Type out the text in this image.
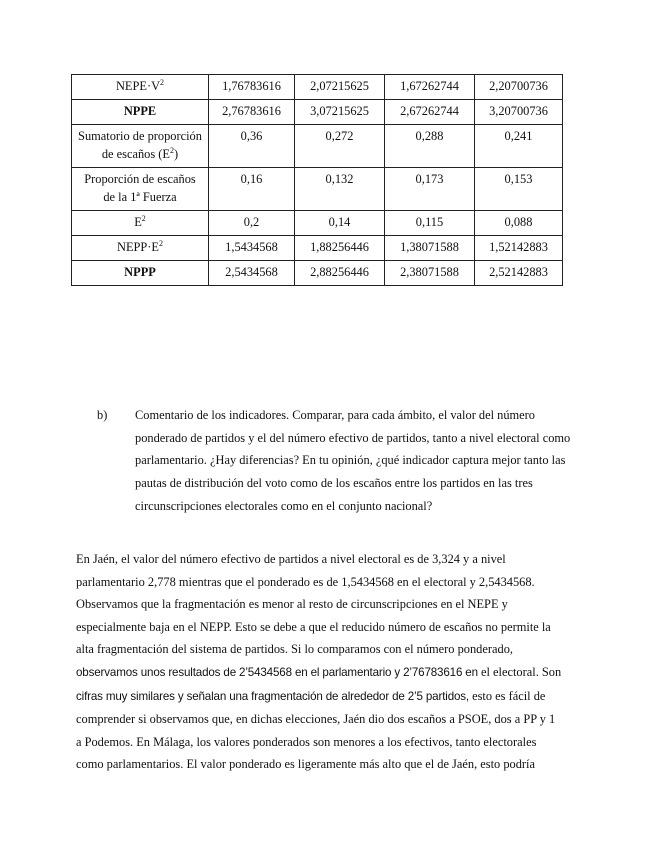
$NEPE\cdot V^2$	1,76783616	2,07215625	1,67262744	2,20700736
NPPE	2,76783616	3,07215625	2,67262744	3,20700736
Sumatorio de proporción de escaños $(E^2)$	0,36	0,272	0,288	0,241
Proporción de escaños de la 1ª Fuerza	0,16	0,132	0,173	0,153
$E^2$	0,2	0,14	0,115	0,088
$NEPP\cdot E^2$	1,5434568	1,88256446	1,38071588	1,52142883
NPPP	2,5434568	2,88256446	2,38071588	2,52142883
b) Comentario de los indicadores. Comparar, para cada ámbito, el valor del número ponderado de partidos y el del número efectivo de partidos, tanto a nivel electoral como parlamentario. ¿Hay diferencias? En tu opinión, ¿qué indicador captura mejor tanto las pautas de distribución del voto como de los escaños entre los partidos en las tres circunscripciones electorales como en el conjunto nacional?

En Jaén, el valor del número efectivo de partidos a nivel electoral es de 3,324 y a nivel

parlamentario 2,778 mientras que el ponderado es de 1,5434568 en el electoral y 2,5434568.

Observamos que la fragmentación es menor al resto de circunscripciones en el NEPE y

especialmente baja en el NEPP. Esto se debe a que el reducido número de escaños no permite la

alta fragmentación del sistema de partidos. Si lo comparamos con el número ponderado,

observamos unos resultados de 2’5434568 en el parlamentario y 2’76783616 en el electoral. Son

cifras muy similares y señalan una fragmentación de alrededor de 2’5 partidos, esto es fácil de

comprender si observamos que, en dichas elecciones, Jaén dio dos escaños a PSOE, dos a PP y 1

a Podemos. En Málaga, los valores ponderados son menores a los efectivos, tanto electorales

como parlamentarios. El valor ponderado es ligeramente más alto que el de Jaén, esto podría
